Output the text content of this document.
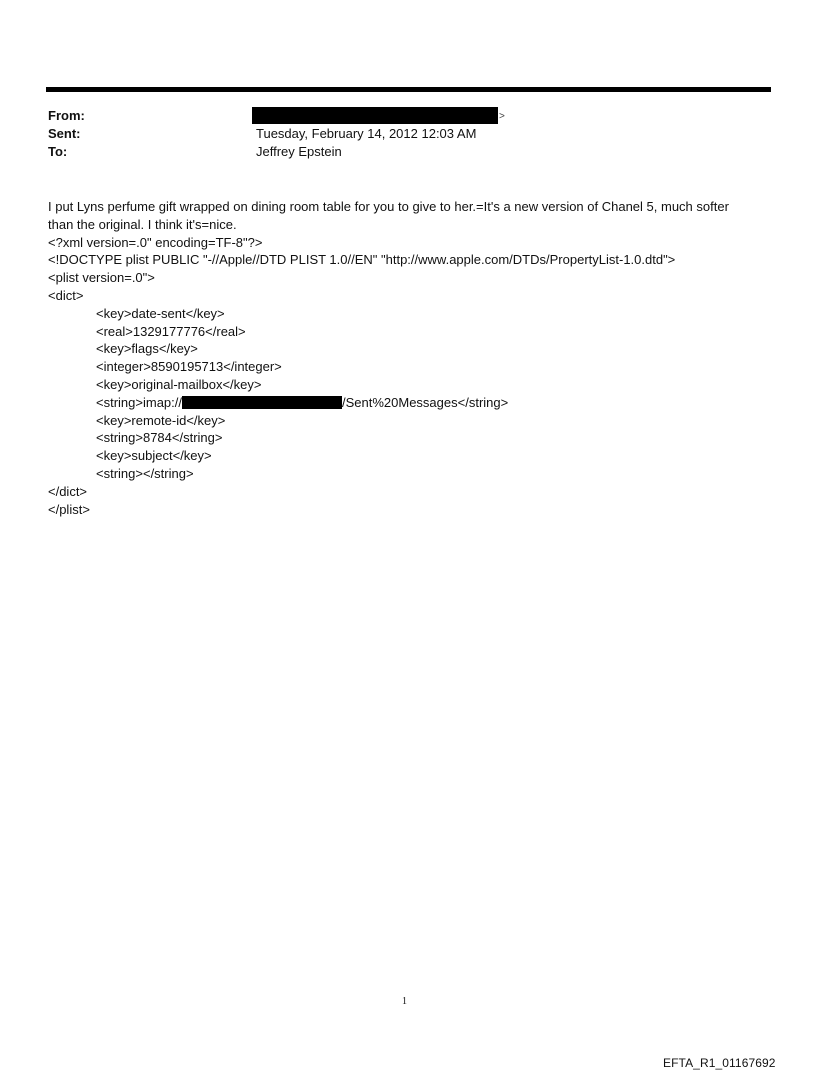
From:	>
Sent:	Tuesday, February 14, 2012 12:03 AM
To:	Jeffrey Epstein
I put Lyns perfume gift wrapped on dining room table for you to give to her.=It's a new version of Chanel 5, much softer
than the original. I think it's=nice.
<?xml version=.0" encoding=TF-8"?>
<!DOCTYPE plist PUBLIC "-//Apple//DTD PLIST 1.0//EN" "http://www.apple.com/DTDs/PropertyList-1.0.dtd">
<plist version=.0">
<dict>
<key>date-sent</key>
<real>1329177776</real>
<key>flags</key>
<integer>8590195713</integer>
<key>original-mailbox</key>
<string>imap://	/Sent%20Messages</string>
<key>remote-id</key>
<string>8784</string>
<key>subject</key>
<string></string>
</dict>
</plist>
1
EFTA_R1_01167692
